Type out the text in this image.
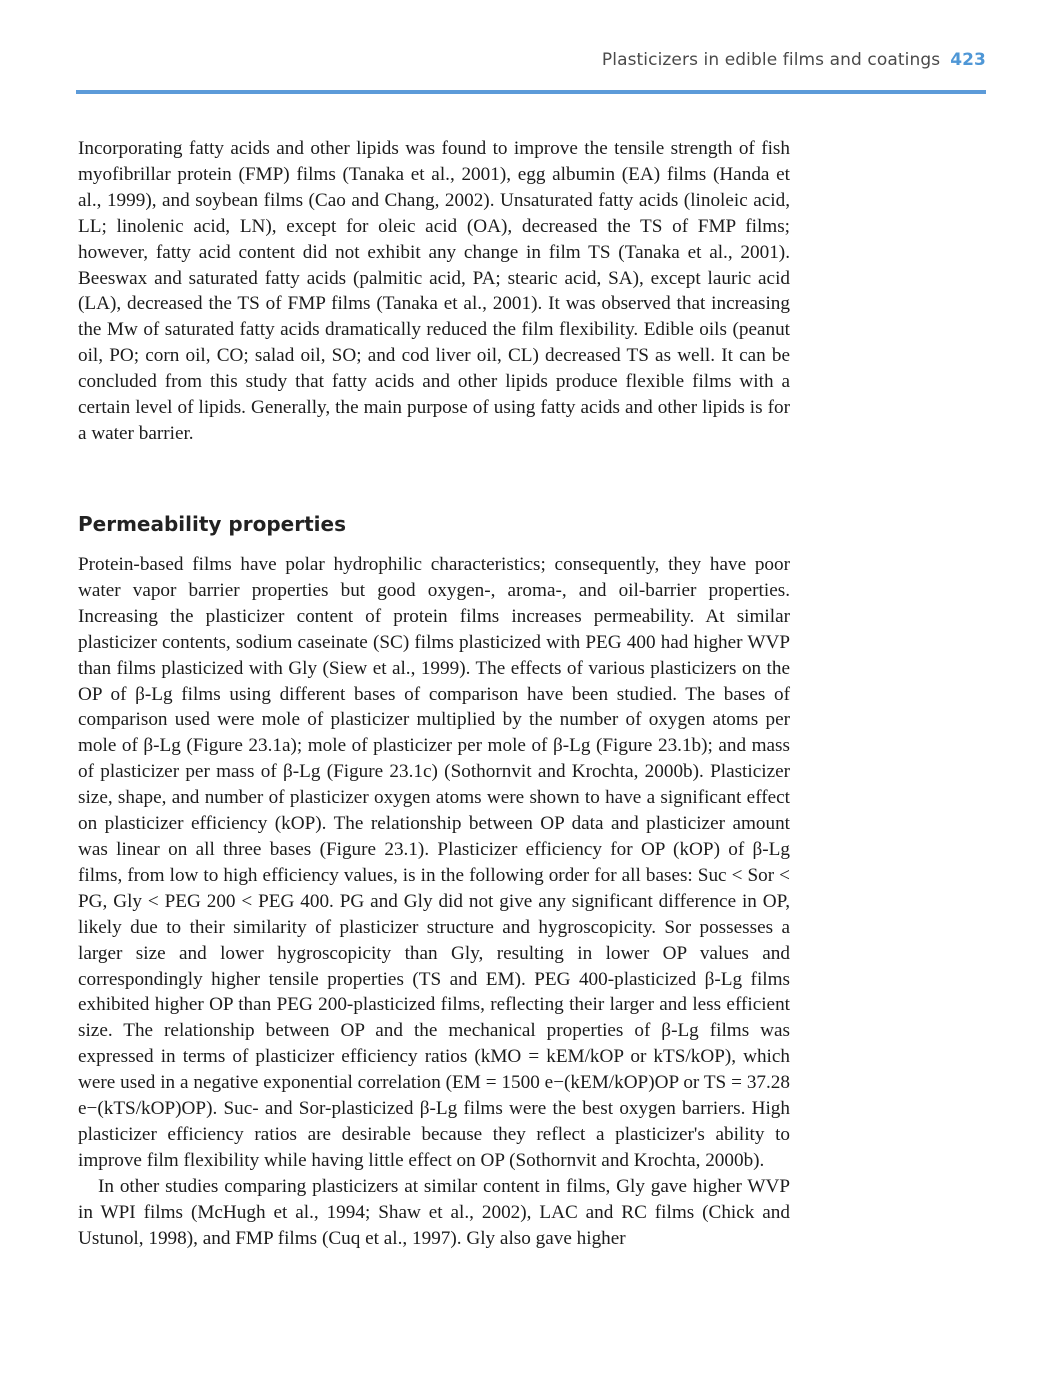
Plasticizers in edible films and coatings 423

Incorporating fatty acids and other lipids was found to improve the tensile strength of fish myofibrillar protein (FMP) films (Tanaka et al., 2001), egg albumin (EA) films (Handa et al., 1999), and soybean films (Cao and Chang, 2002). Unsaturated fatty acids (linoleic acid, LL; linolenic acid, LN), except for oleic acid (OA), decreased the TS of FMP films; however, fatty acid content did not exhibit any change in film TS (Tanaka et al., 2001). Beeswax and saturated fatty acids (palmitic acid, PA; stearic acid, SA), except lauric acid (LA), decreased the TS of FMP films (Tanaka et al., 2001). It was observed that increasing the Mw of saturated fatty acids dramatically reduced the film flexibility. Edible oils (peanut oil, PO; corn oil, CO; salad oil, SO; and cod liver oil, CL) decreased TS as well. It can be concluded from this study that fatty acids and other lipids produce flexible films with a certain level of lipids. Generally, the main purpose of using fatty acids and other lipids is for a water barrier.

Permeability properties

Protein-based films have polar hydrophilic characteristics; consequently, they have poor water vapor barrier properties but good oxygen-, aroma-, and oil-barrier properties. Increasing the plasticizer content of protein films increases permeability. At similar plasticizer contents, sodium caseinate (SC) films plasticized with PEG 400 had higher WVP than films plasticized with Gly (Siew et al., 1999). The effects of various plasticizers on the OP of β-Lg films using different bases of comparison have been studied. The bases of comparison used were mole of plasticizer multiplied by the number of oxygen atoms per mole of β-Lg (Figure 23.1a); mole of plasticizer per mole of β-Lg (Figure 23.1b); and mass of plasticizer per mass of β-Lg (Figure 23.1c) (Sothornvit and Krochta, 2000b). Plasticizer size, shape, and number of plasticizer oxygen atoms were shown to have a significant effect on plasticizer efficiency (kOP). The relationship between OP data and plasticizer amount was linear on all three bases (Figure 23.1). Plasticizer efficiency for OP (kOP) of β-Lg films, from low to high efficiency values, is in the following order for all bases: Suc < Sor < PG, Gly < PEG 200 < PEG 400. PG and Gly did not give any significant difference in OP, likely due to their similarity of plasticizer structure and hygroscopicity. Sor possesses a larger size and lower hygroscopicity than Gly, resulting in lower OP values and correspondingly higher tensile properties (TS and EM). PEG 400-plasticized β-Lg films exhibited higher OP than PEG 200-plasticized films, reflecting their larger and less efficient size. The relationship between OP and the mechanical properties of β-Lg films was expressed in terms of plasticizer efficiency ratios (kMO = kEM/kOP or kTS/kOP), which were used in a negative exponential correlation (EM = 1500 e−(kEM/kOP)OP or TS = 37.28 e−(kTS/kOP)OP). Suc- and Sor-plasticized β-Lg films were the best oxygen barriers. High plasticizer efficiency ratios are desirable because they reflect a plasticizer's ability to improve film flexibility while having little effect on OP (Sothornvit and Krochta, 2000b).

In other studies comparing plasticizers at similar content in films, Gly gave higher WVP in WPI films (McHugh et al., 1994; Shaw et al., 2002), LAC and RC films (Chick and Ustunol, 1998), and FMP films (Cuq et al., 1997). Gly also gave higher
